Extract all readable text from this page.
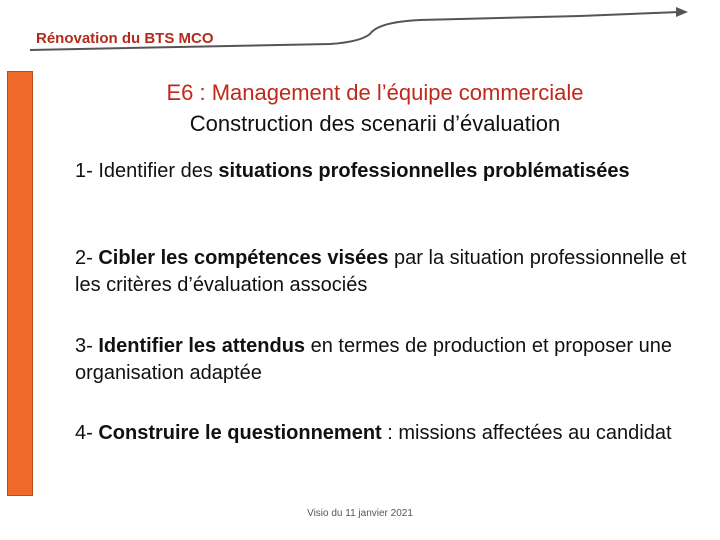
Rénovation du BTS MCO
E6 : Management de l’équipe commerciale
Construction des scenarii d’évaluation
1- Identifier des situations professionnelles problématisées
2- Cibler les compétences visées par la situation professionnelle et les critères d’évaluation associés
3- Identifier les attendus en termes de production et proposer une organisation adaptée
4- Construire le questionnement : missions affectées au candidat
Visio du 11 janvier 2021
